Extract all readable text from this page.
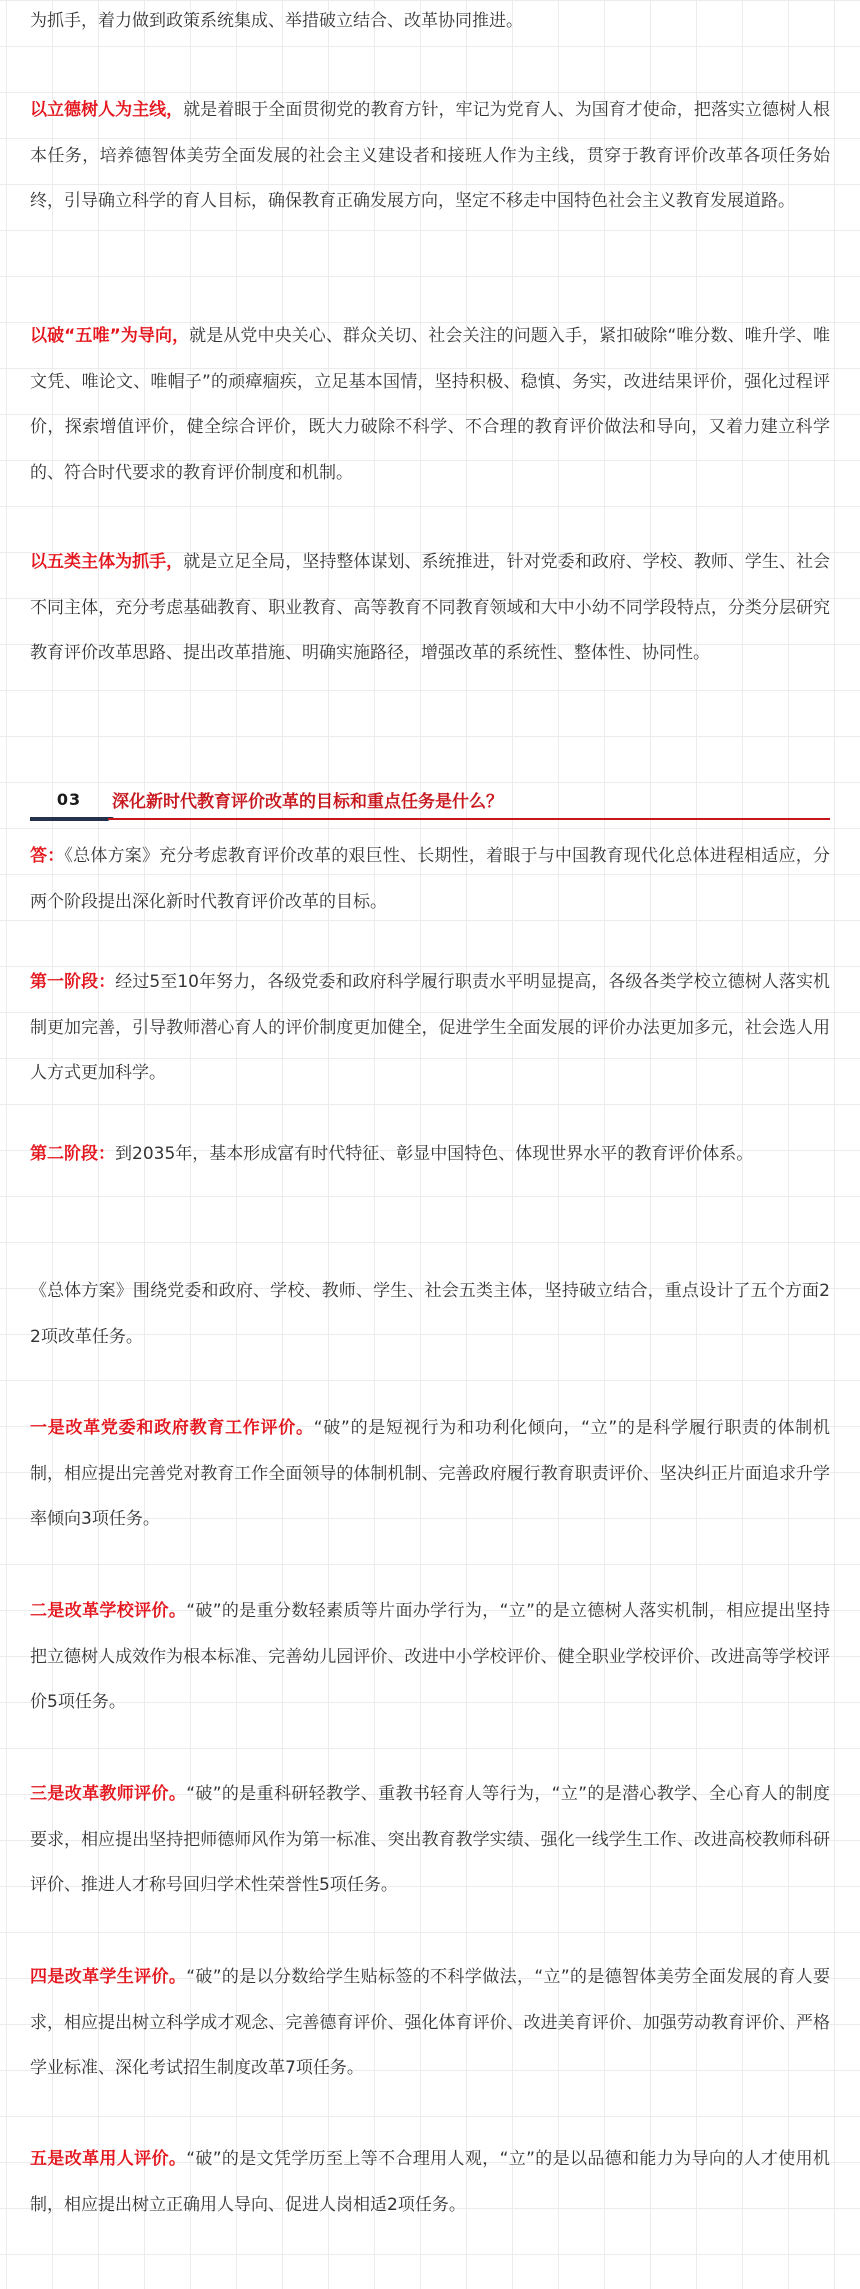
为抓手，着力做到政策系统集成、举措破立结合、改革协同推进。

以立德树人为主线，就是着眼于全面贯彻党的教育方针，牢记为党育人、为国育才使命，把落实立德树人根本任务，培养德智体美劳全面发展的社会主义建设者和接班人作为主线，贯穿于教育评价改革各项任务始终，引导确立科学的育人目标，确保教育正确发展方向，坚定不移走中国特色社会主义教育发展道路。

以破“五唯”为导向，就是从党中央关心、群众关切、社会关注的问题入手，紧扣破除“唯分数、唯升学、唯文凭、唯论文、唯帽子”的顽瘴痼疾，立足基本国情，坚持积极、稳慎、务实，改进结果评价，强化过程评价，探索增值评价，健全综合评价，既大力破除不科学、不合理的教育评价做法和导向，又着力建立科学的、符合时代要求的教育评价制度和机制。

以五类主体为抓手，就是立足全局，坚持整体谋划、系统推进，针对党委和政府、学校、教师、学生、社会不同主体，充分考虑基础教育、职业教育、高等教育不同教育领域和大中小幼不同学段特点，分类分层研究教育评价改革思路、提出改革措施、明确实施路径，增强改革的系统性、整体性、协同性。

03	深化新时代教育评价改革的目标和重点任务是什么？

答：《总体方案》充分考虑教育评价改革的艰巨性、长期性，着眼于与中国教育现代化总体进程相适应，分两个阶段提出深化新时代教育评价改革的目标。

第一阶段：经过5至10年努力，各级党委和政府科学履行职责水平明显提高，各级各类学校立德树人落实机制更加完善，引导教师潜心育人的评价制度更加健全，促进学生全面发展的评价办法更加多元，社会选人用人方式更加科学。

第二阶段：到2035年，基本形成富有时代特征、彰显中国特色、体现世界水平的教育评价体系。

《总体方案》围绕党委和政府、学校、教师、学生、社会五类主体，坚持破立结合，重点设计了五个方面22项改革任务。

一是改革党委和政府教育工作评价。“破”的是短视行为和功利化倾向，“立”的是科学履行职责的体制机制，相应提出完善党对教育工作全面领导的体制机制、完善政府履行教育职责评价、坚决纠正片面追求升学率倾向3项任务。

二是改革学校评价。“破”的是重分数轻素质等片面办学行为，“立”的是立德树人落实机制，相应提出坚持把立德树人成效作为根本标准、完善幼儿园评价、改进中小学校评价、健全职业学校评价、改进高等学校评价5项任务。

三是改革教师评价。“破”的是重科研轻教学、重教书轻育人等行为，“立”的是潜心教学、全心育人的制度要求，相应提出坚持把师德师风作为第一标准、突出教育教学实绩、强化一线学生工作、改进高校教师科研评价、推进人才称号回归学术性荣誉性5项任务。

四是改革学生评价。“破”的是以分数给学生贴标签的不科学做法，“立”的是德智体美劳全面发展的育人要求，相应提出树立科学成才观念、完善德育评价、强化体育评价、改进美育评价、加强劳动教育评价、严格学业标准、深化考试招生制度改革7项任务。

五是改革用人评价。“破”的是文凭学历至上等不合理用人观，“立”的是以品德和能力为导向的人才使用机制，相应提出树立正确用人导向、促进人岗相适2项任务。
